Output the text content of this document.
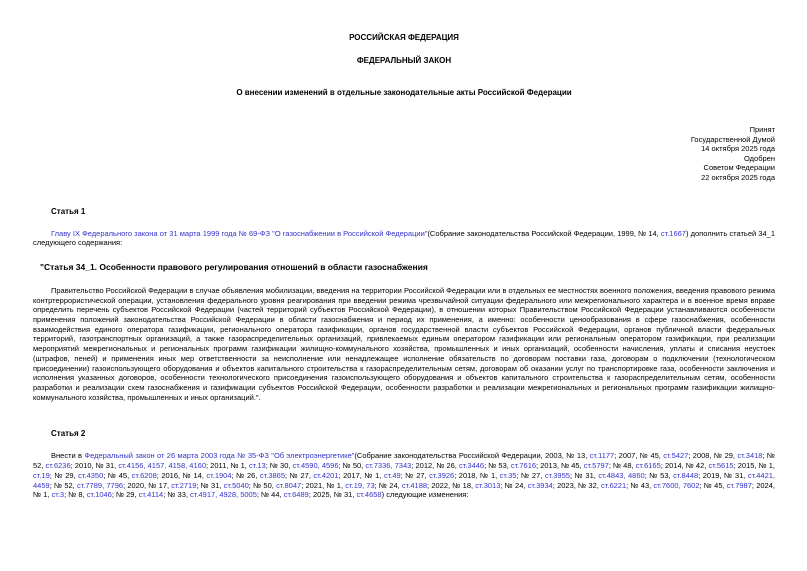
РОССИЙСКАЯ ФЕДЕРАЦИЯ
ФЕДЕРАЛЬНЫЙ ЗАКОН
О внесении изменений в отдельные законодательные акты Российской Федерации
Принят
Государственной Думой
14 октября 2025 года
Одобрен
Советом Федерации
22 октября 2025 года
Статья 1
Главу IX Федерального закона от 31 марта 1999 года № 69-ФЗ "О газоснабжении в Российской Федерации"(Собрание законодательства Российской Федерации, 1999, № 14, ст.1667) дополнить статьей 34_1 следующего содержания:
"Статья 34_1. Особенности правового регулирования отношений в области газоснабжения
Правительство Российской Федерации в случае объявления мобилизации, введения на территории Российской Федерации или в отдельных ее местностях военного положения, введения правового режима контртеррористической операции, установления федерального уровня реагирования при введении режима чрезвычайной ситуации федерального или межрегионального характера и в военное время вправе определить перечень субъектов Российской Федерации (частей территорий субъектов Российской Федерации), в отношении которых Правительством Российской Федерации устанавливаются особенности применения положений законодательства Российской Федерации в области газоснабжения и период их применения, а именно: особенности ценообразования в сфере газоснабжения, особенности взаимодействия единого оператора газификации, регионального оператора газификации, органов государственной власти субъектов Российской Федерации, органов публичной власти федеральных территорий, газотранспортных организаций, а также газораспределительных организаций, привлекаемых единым оператором газификации или региональным оператором газификации, при реализации мероприятий межрегиональных и региональных программ газификации жилищно-коммунального хозяйства, промышленных и иных организаций, особенности начисления, уплаты и списания неустоек (штрафов, пеней) и применения иных мер ответственности за неисполнение или ненадлежащее исполнение обязательств по договорам поставки газа, договорам о подключении (технологическом присоединении) газоиспользующего оборудования и объектов капитального строительства к газораспределительным сетям, договорам об оказании услуг по транспортировке газа, особенности заключения и исполнения указанных договоров, особенности технологического присоединения газоиспользующего оборудования и объектов капитального строительства к газораспределительным сетям, особенности разработки и реализации схем газоснабжения и газификации субъектов Российской Федерации, особенности разработки и реализации межрегиональных и региональных программ газификации жилищно-коммунального хозяйства, промышленных и иных организаций.".
Статья 2
Внести в Федеральный закон от 26 марта 2003 года № 35-ФЗ "Об электроэнергетике"(Собрание законодательства Российской Федерации, 2003, № 13, ст.1177; 2007, № 45, ст.5427; 2008, № 29, ст.3418; № 52, ст.6236; 2010, № 31, ст.4156, 4157, 4158, 4160; 2011, № 1, ст.13; № 30, ст.4590, 4596; № 50, ст.7336, 7343; 2012, № 26, ст.3446; № 53, ст.7616; 2013, № 45, ст.5797; № 48, ст.6165; 2014, № 42, ст.5615; 2015, № 1, ст.19; № 29, ст.4350; № 45, ст.6208; 2016, № 14, ст.1904; № 26, ст.3865; № 27, ст.4201; 2017, № 1, ст.49; № 27, ст.3926; 2018, № 1, ст.35; № 27, ст.3955; № 31, ст.4843, 4860; № 53, ст.8448; 2019, № 31, ст.4421, 4459; № 52, ст.7789, 7796; 2020, № 17, ст.2719; № 31, ст.5040; № 50, ст.8047; 2021, № 1, ст.19, 73; № 24, ст.4188; 2022, № 18, ст.3013; № 24, ст.3934; 2023, № 32, ст.6221; № 43, ст.7600, 7602; № 45, ст.7987; 2024, № 1, ст.3; № 8, ст.1046; № 29, ст.4114; № 33, ст.4917, 4928, 5005; № 44, ст.6489; 2025, № 31, ст.4658) следующие изменения:
